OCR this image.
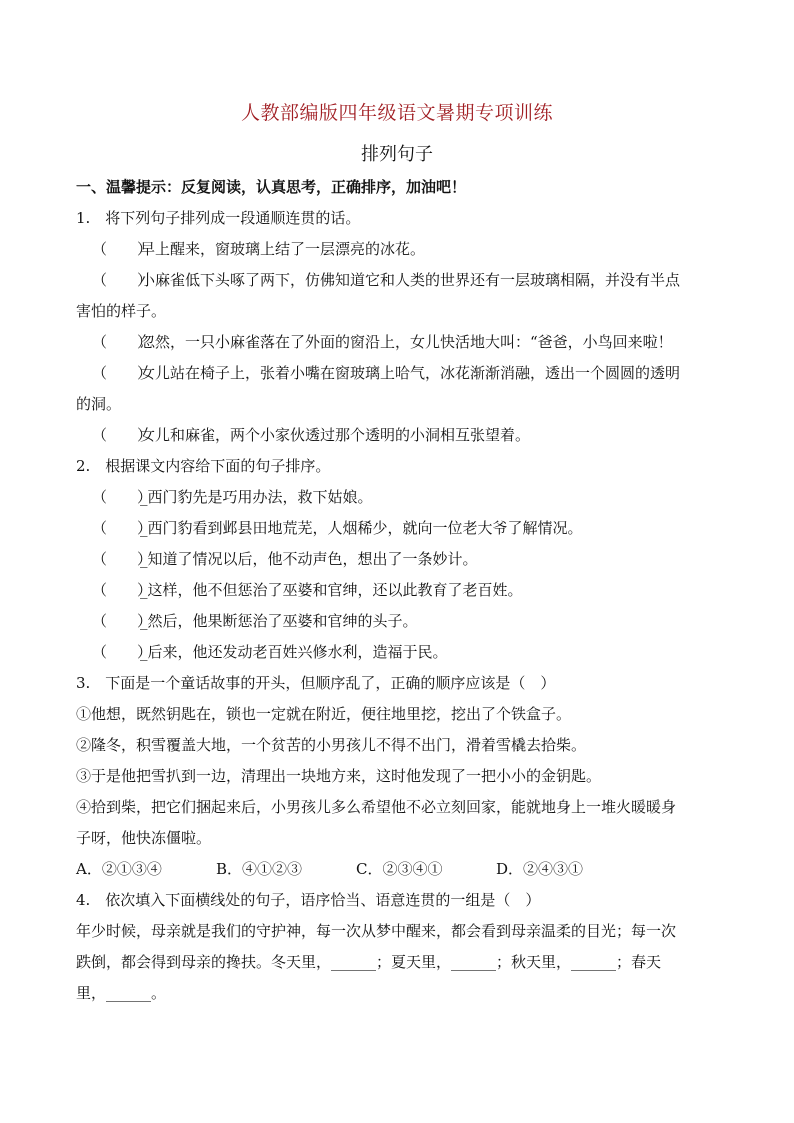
人教部编版四年级语文暑期专项训练
排列句子

一、温馨提示：反复阅读，认真思考，正确排序，加油吧！

1.　将下列句子排列成一段通顺连贯的话。

（　　）早上醒来，窗玻璃上结了一层漂亮的冰花。

（　　）小麻雀低下头啄了两下，仿佛知道它和人类的世界还有一层玻璃相隔，并没有半点

害怕的样子。

（　　）忽然，一只小麻雀落在了外面的窗沿上，女儿快活地大叫：“爸爸，小鸟回来啦！

（　　）女儿站在椅子上，张着小嘴在窗玻璃上哈气，冰花渐渐消融，透出一个圆圆的透明

的洞。

（　　）女儿和麻雀，两个小家伙透过那个透明的小洞相互张望着。

2.　根据课文内容给下面的句子排序。

（　　）_西门豹先是巧用办法，救下姑娘。

（　　）_西门豹看到邺县田地荒芜，人烟稀少，就向一位老大爷了解情况。

（　　）_知道了情况以后，他不动声色，想出了一条妙计。

（　　）_这样，他不但惩治了巫婆和官绅，还以此教育了老百姓。

（　　）_然后，他果断惩治了巫婆和官绅的头子。

（　　）_后来，他还发动老百姓兴修水利，造福于民。

3.　下面是一个童话故事的开头，但顺序乱了，正确的顺序应该是（　）

①他想，既然钥匙在，锁也一定就在附近，便往地里挖，挖出了个铁盒子。

②隆冬，积雪覆盖大地，一个贫苦的小男孩儿不得不出门，滑着雪橇去拾柴。

③于是他把雪扒到一边，清理出一块地方来，这时他发现了一把小小的金钥匙。

④拾到柴，把它们捆起来后，小男孩儿多么希望他不必立刻回家，能就地身上一堆火暖暖身

子呀，他快冻僵啦。

A．②①③④	B．④①②③	C．②③④①	D．②④③①

4.　依次填入下面横线处的句子，语序恰当、语意连贯的一组是（　）

年少时候，母亲就是我们的守护神，每一次从梦中醒来，都会看到母亲温柔的目光；每一次

跌倒，都会得到母亲的搀扶。冬天里，______；夏天里，______；秋天里，______；春天

里，______。
